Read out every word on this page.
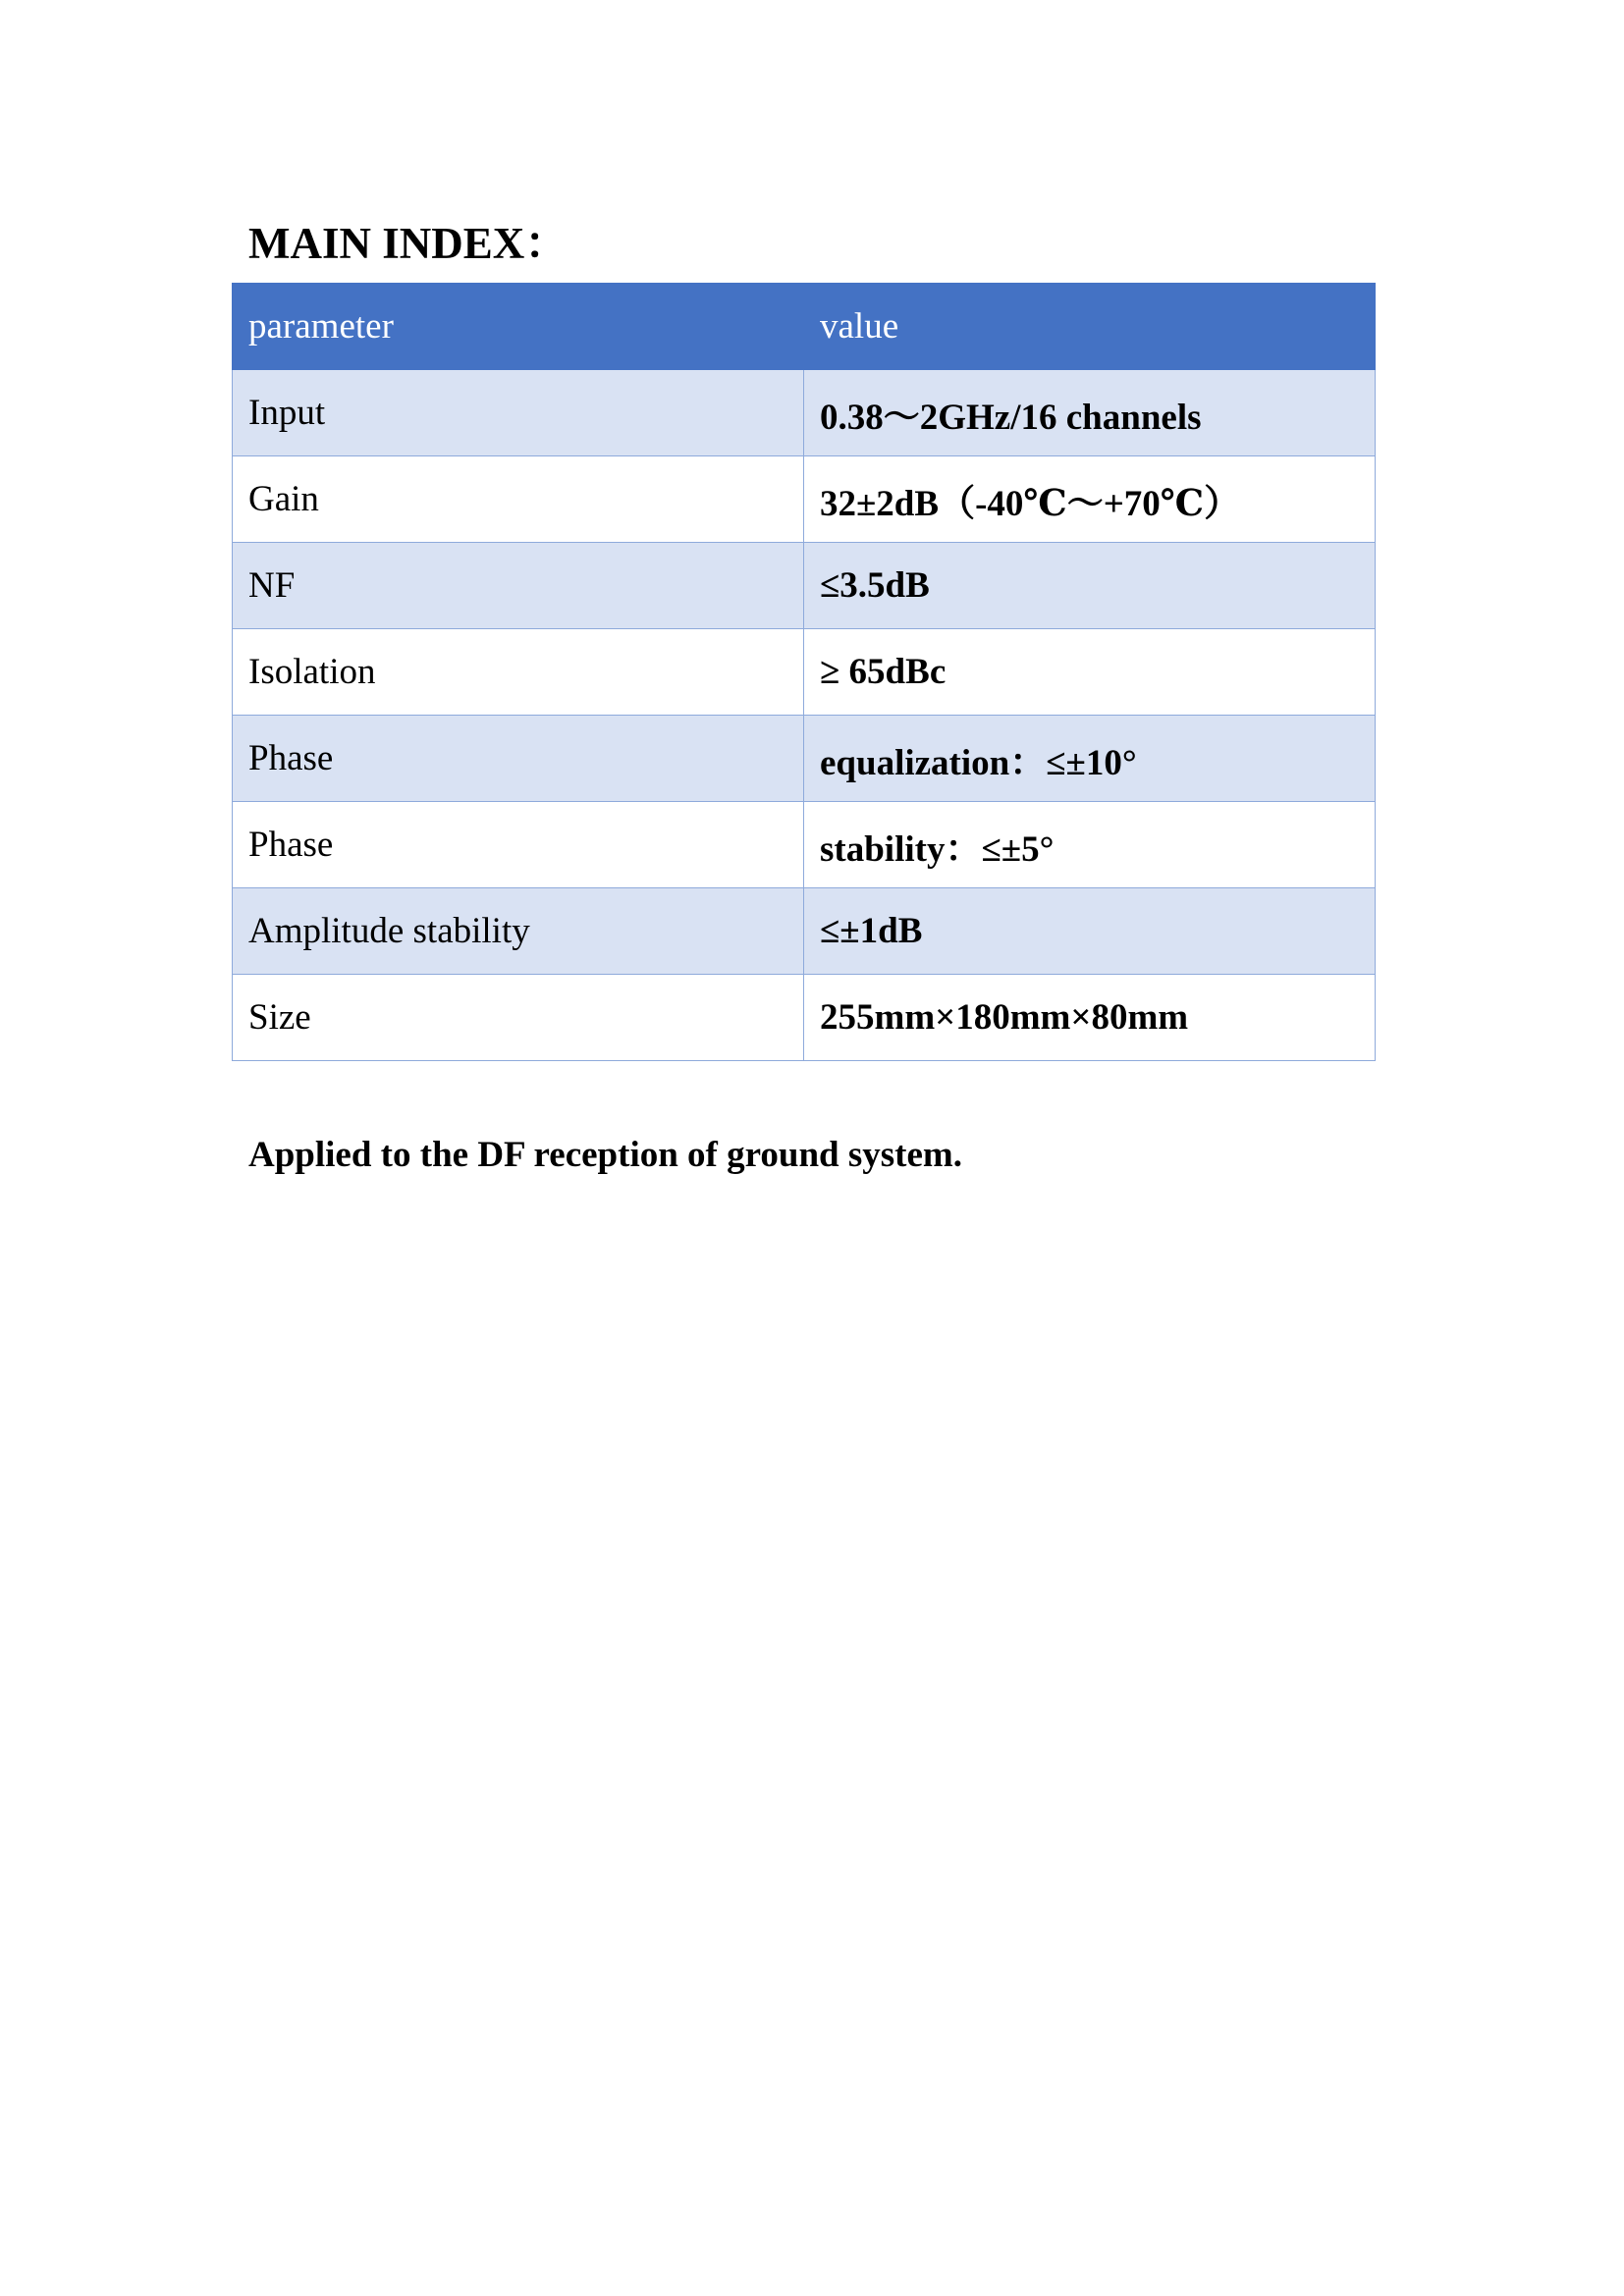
MAIN INDEX：
parameter	value
Input	0.38～2GHz/16 channels
Gain	32±2dB（-40℃～+70℃）
NF	≤3.5dB
Isolation	≥ 65dBc
Phase	equalization：≤±10°
Phase	stability：≤±5°
Amplitude stability	≤±1dB
Size	255mm×180mm×80mm
Applied to the DF reception of ground system.
